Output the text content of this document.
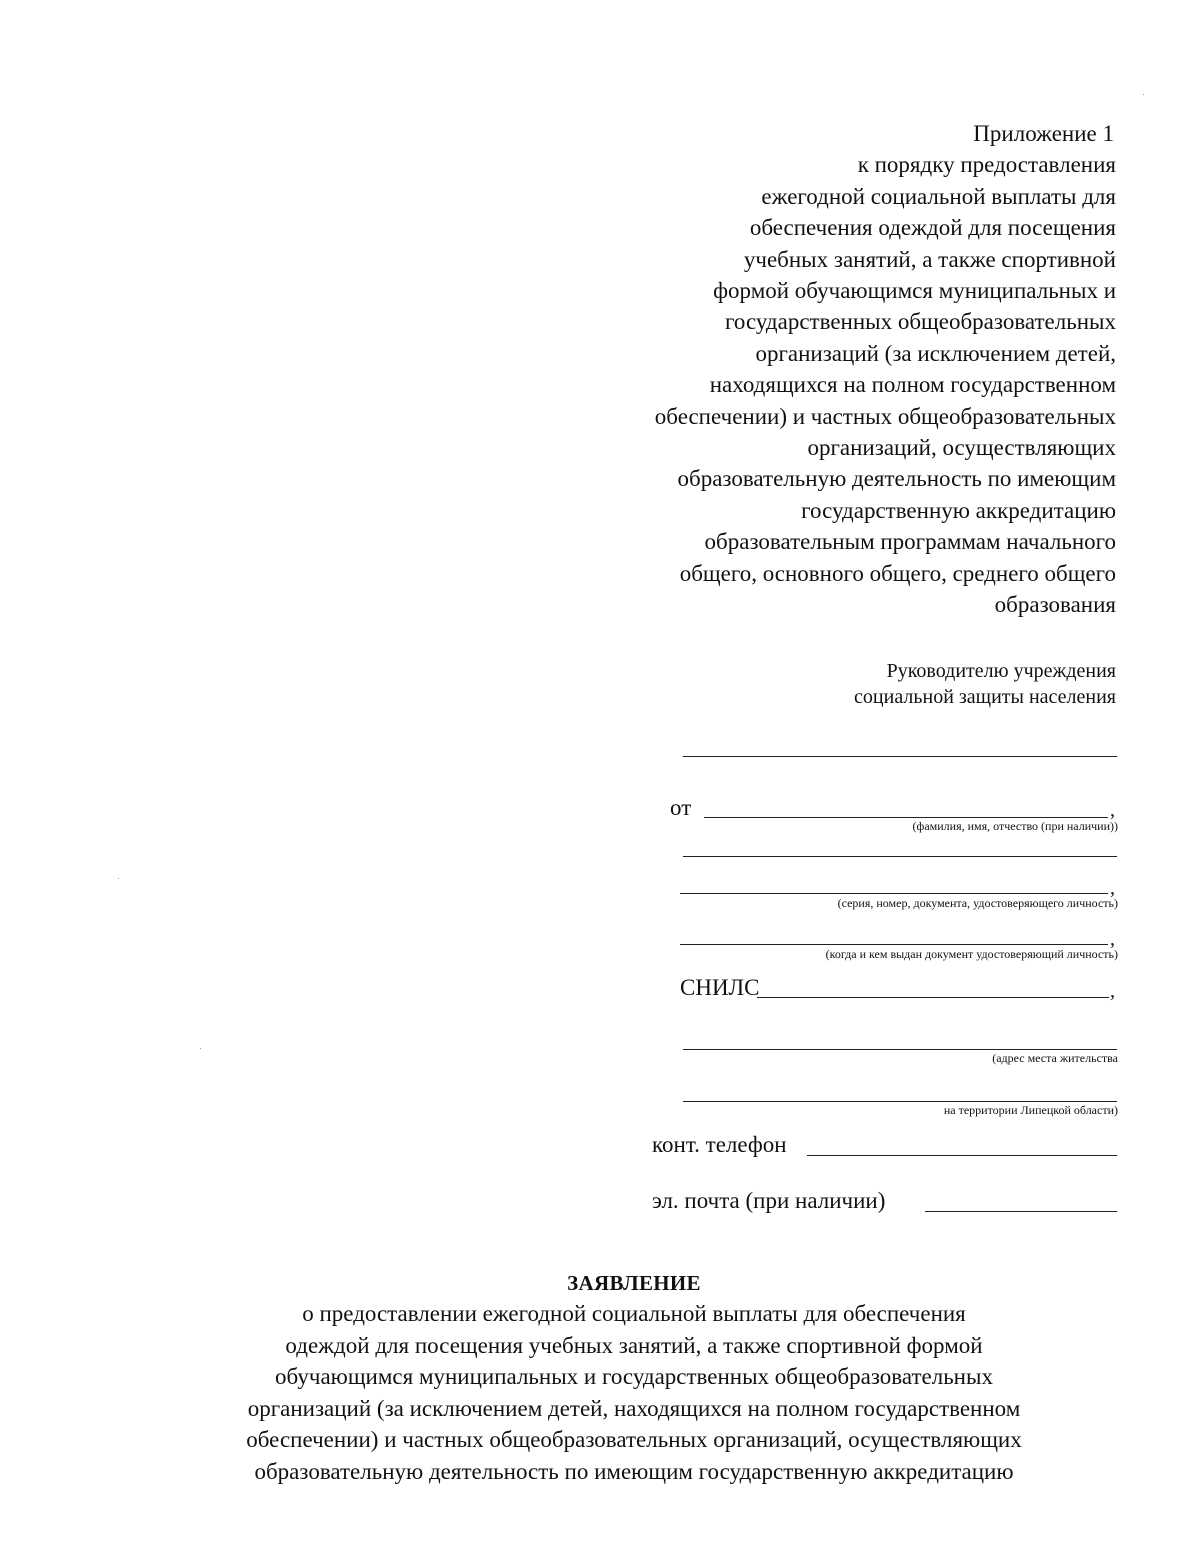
Приложение 1
к порядку предоставления
ежегодной социальной выплаты для
обеспечения одеждой для посещения
учебных занятий, а также спортивной
формой обучающимся муниципальных и
государственных общеобразовательных
организаций (за исключением детей,
находящихся на полном государственном
обеспечении) и частных общеобразовательных
организаций, осуществляющих
образовательную деятельность по имеющим
государственную аккредитацию
образовательным программам начального
общего, основного общего, среднего общего
образования
Руководителю учреждения
социальной защиты населения
от	,
(фамилия, имя, отчество (при наличии))
,
(серия, номер, документа, удостоверяющего личность)
,
(когда и кем выдан документ удостоверяющий личность)
СНИЛС	,
(адрес места жительства
на территории Липецкой области)
конт. телефон
эл. почта (при наличии)
ЗАЯВЛЕНИЕ
о предоставлении ежегодной социальной выплаты для обеспечения
одеждой для посещения учебных занятий, а также спортивной формой
обучающимся муниципальных и государственных общеобразовательных
организаций (за исключением детей, находящихся на полном государственном
обеспечении) и частных общеобразовательных организаций, осуществляющих
образовательную деятельность по имеющим государственную аккредитацию
